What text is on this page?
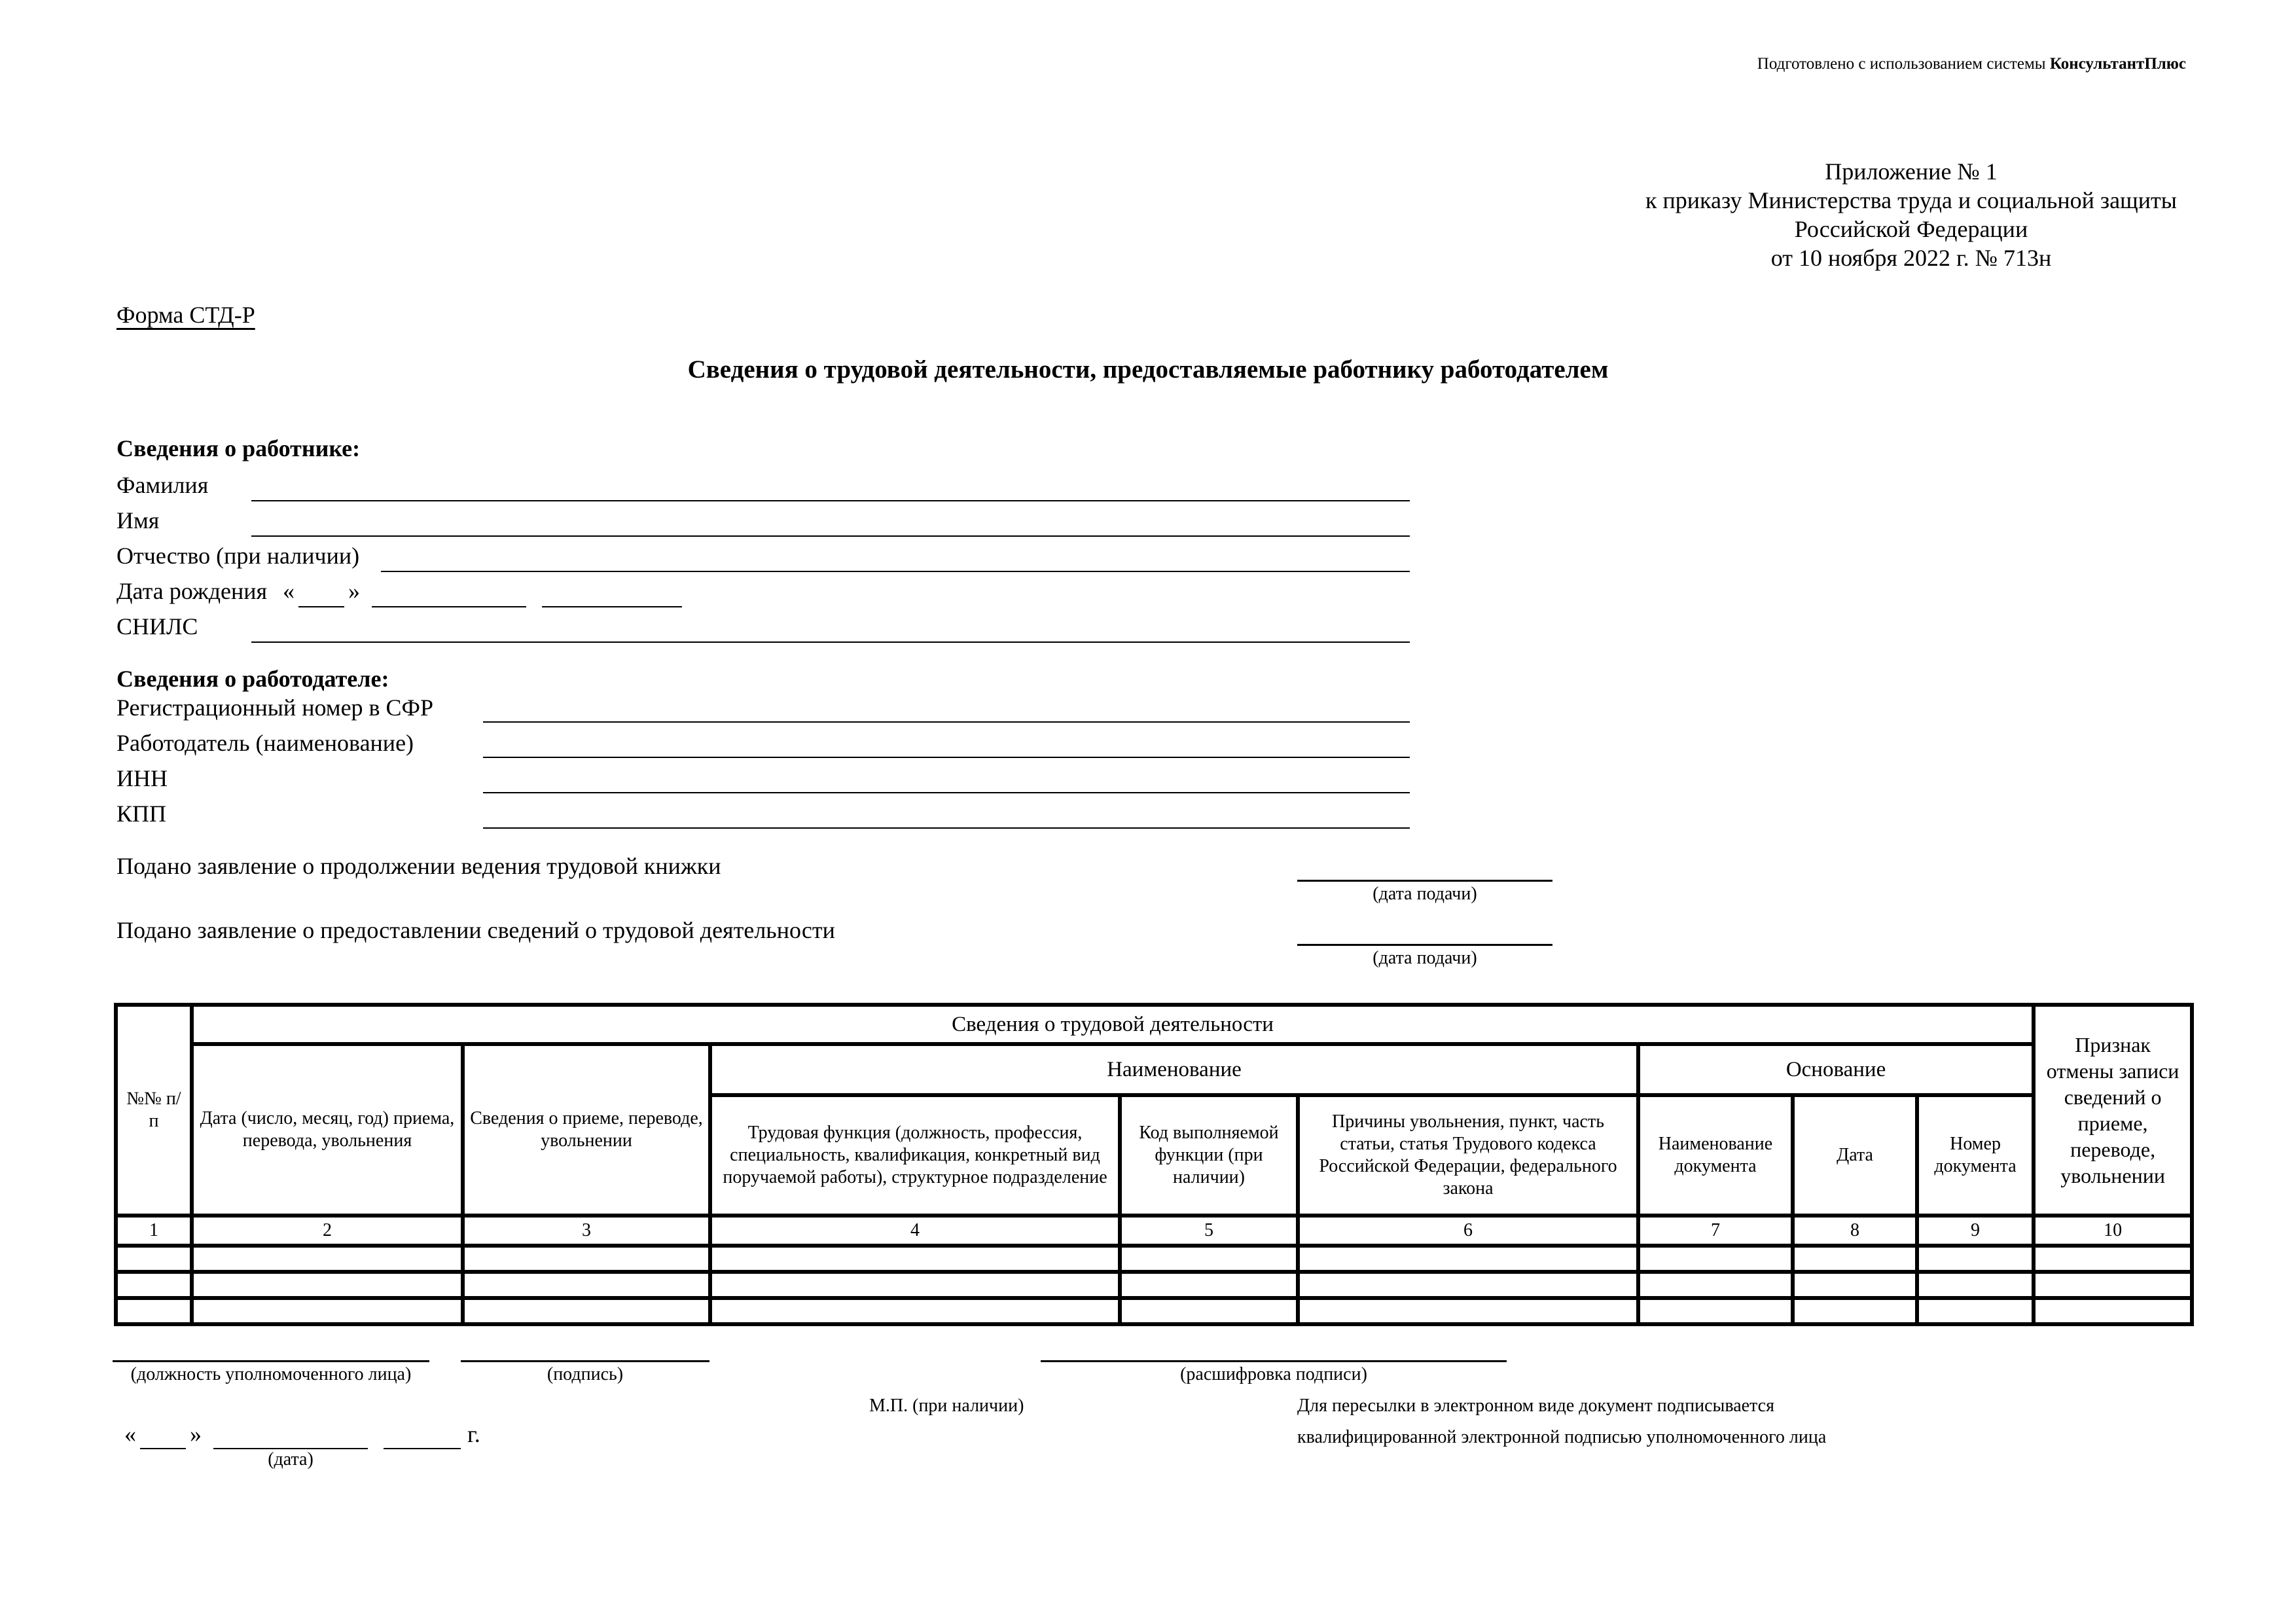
Подготовлено с использованием системы КонсультантПлюс
Приложение № 1
к приказу Министерства труда и социальной защиты
Российской Федерации
от 10 ноября 2022 г. № 713н
Форма СТД-Р
Сведения о трудовой деятельности, предоставляемые работнику работодателем
Сведения о работнике:
Фамилия
Имя
Отчество (при наличии)
Дата рождения « »
СНИЛС
Сведения о работодателе:
Регистрационный номер в СФР
Работодатель (наименование)
ИНН
КПП
Подано заявление о продолжении ведения трудовой книжки
(дата подачи)
Подано заявление о предоставлении сведений о трудовой деятельности
(дата подачи)
№№ п/п	Сведения о трудовой деятельности								Признак отмены записи сведений о приеме, переводе, увольнении
	Дата (число, месяц, год) приема, перевода, увольнения	Сведения о приеме, переводе, увольнении	Наименование			Основание			
			Трудовая функция (должность, профессия, специальность, квалификация, конкретный вид поручаемой работы), структурное подразделение	Код выполняемой функции (при наличии)	Причины увольнения, пункт, часть статьи, статья Трудового кодекса Российской Федерации, федерального закона	Наименование документа	Дата	Номер документа	
1	2	3	4	5	6	7	8	9	10

(должность уполномоченного лица)	(подпись)	(расшифровка подписи)
М.П. (при наличии)	Для пересылки в электронном виде документ подписывается
квалифицированной электронной подписью уполномоченного лица
« »	г.
(дата)
